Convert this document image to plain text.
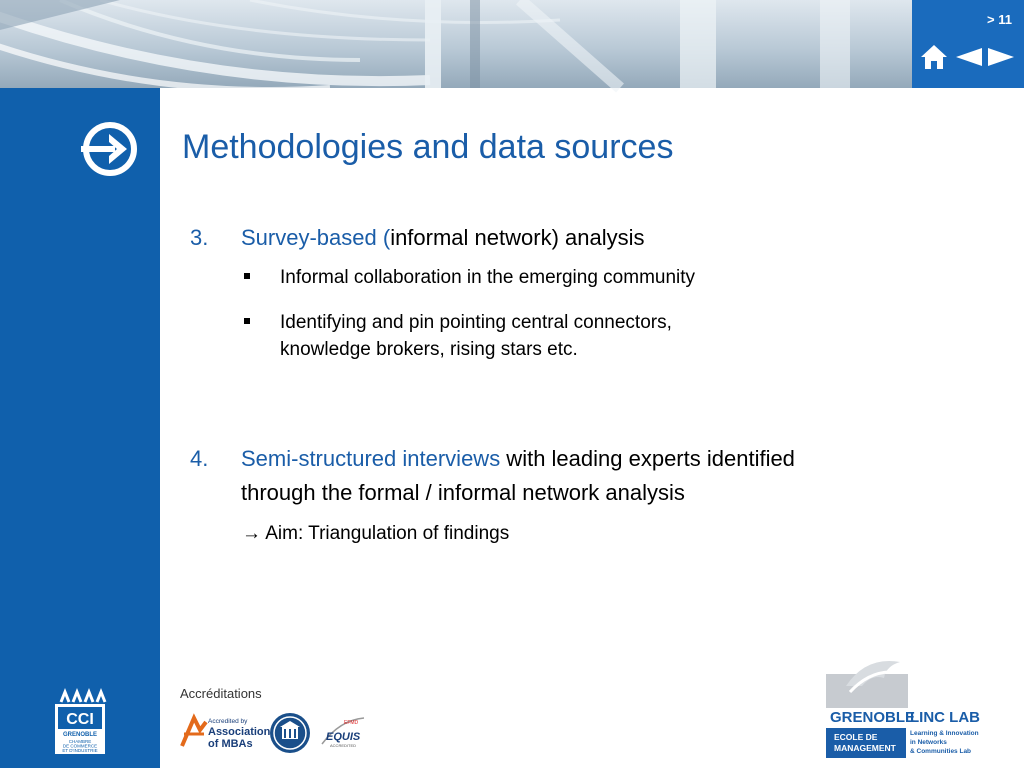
> 11
CCI
GRENOBLE
CHAMBRE
DE COMMERCE
ET D'INDUSTRIE
Methodologies and data sources
3. Survey-based (informal network) analysis
Informal collaboration in the emerging community
Identifying and pin pointing central connectors,
knowledge brokers, rising stars etc.
4. Semi-structured interviews with leading experts identified
through the formal / informal network analysis
→ Aim: Triangulation of findings
Accréditations
Accredited by
Association
of MBAs
EFMD
EQUIS
ACCREDITED
GRENOBLE
ECOLE DE
MANAGEMENT
LINC LAB
Learning & Innovation
in Networks
& Communities Lab
